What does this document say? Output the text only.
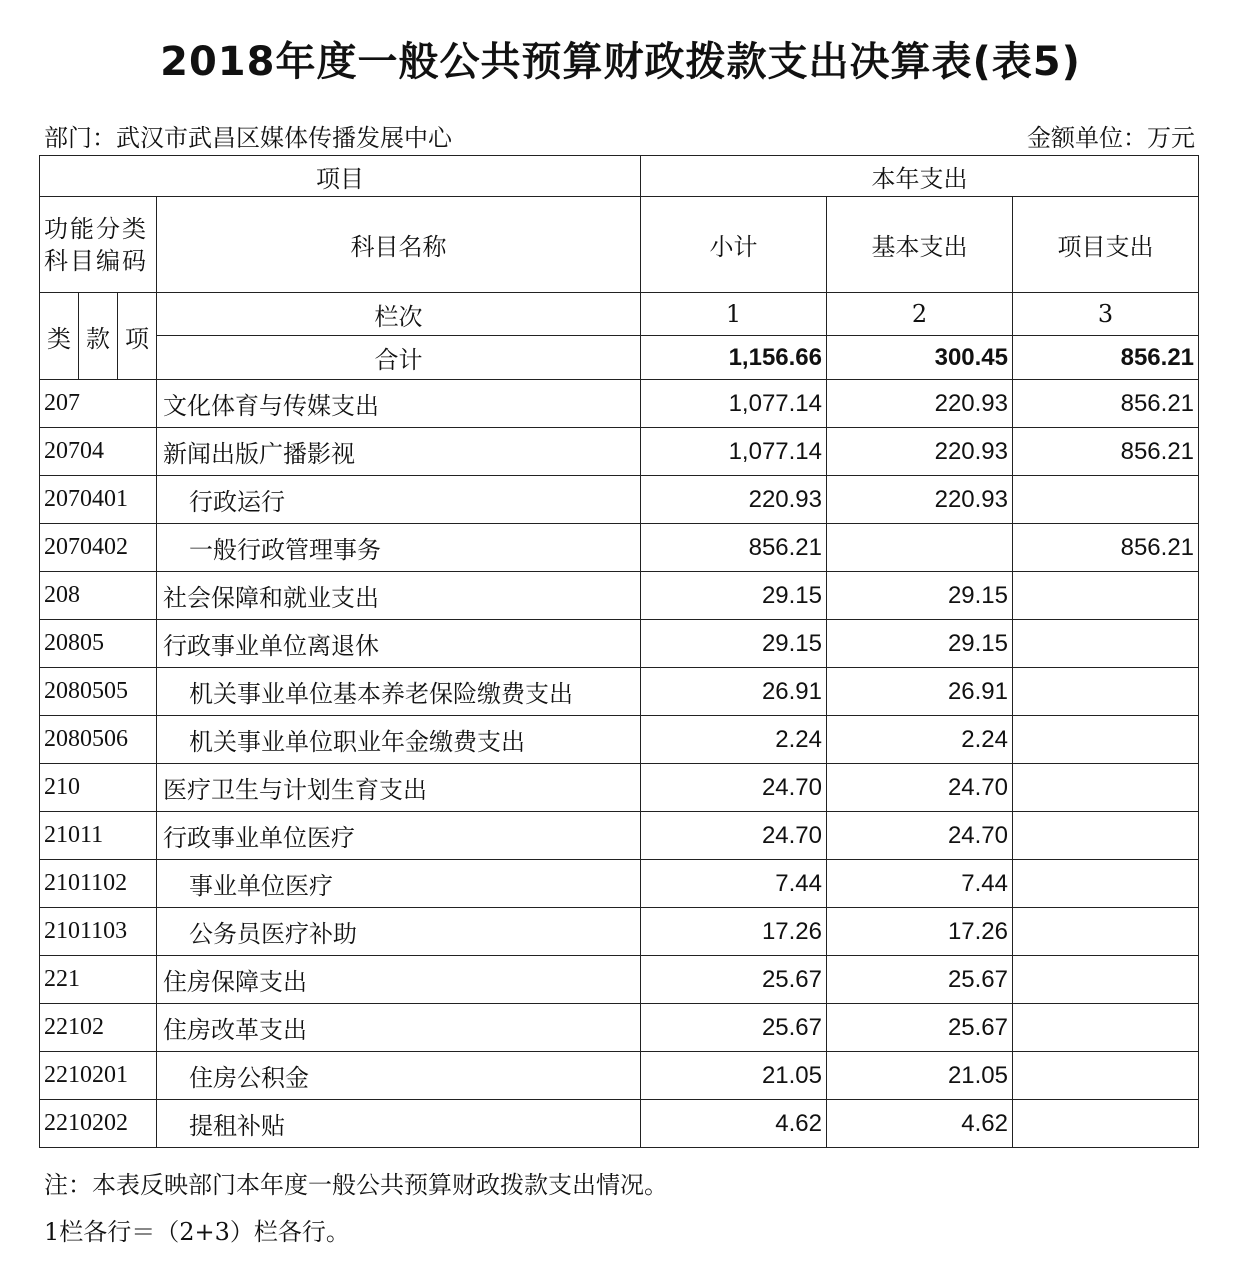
2018年度一般公共预算财政拨款支出决算表(表5)
部门：武汉市武昌区媒体传播发展中心	金额单位：万元
项目				本年支出		
功能分类科目编码			科目名称	小计	基本支出	项目支出
类	款	项	栏次	1	2	3
			合计	1,156.66	300.45	856.21
207			文化体育与传媒支出	1,077.14	220.93	856.21
20704			新闻出版广播影视	1,077.14	220.93	856.21
2070401			行政运行	220.93	220.93	
2070402			一般行政管理事务	856.21		856.21
208			社会保障和就业支出	29.15	29.15	
20805			行政事业单位离退休	29.15	29.15	
2080505			机关事业单位基本养老保险缴费支出	26.91	26.91	
2080506			机关事业单位职业年金缴费支出	2.24	2.24	
210			医疗卫生与计划生育支出	24.70	24.70	
21011			行政事业单位医疗	24.70	24.70	
2101102			事业单位医疗	7.44	7.44	
2101103			公务员医疗补助	17.26	17.26	
221			住房保障支出	25.67	25.67	
22102			住房改革支出	25.67	25.67	
2210201			住房公积金	21.05	21.05	
2210202			提租补贴	4.62	4.62	
注：本表反映部门本年度一般公共预算财政拨款支出情况。
1栏各行＝（2+3）栏各行。
